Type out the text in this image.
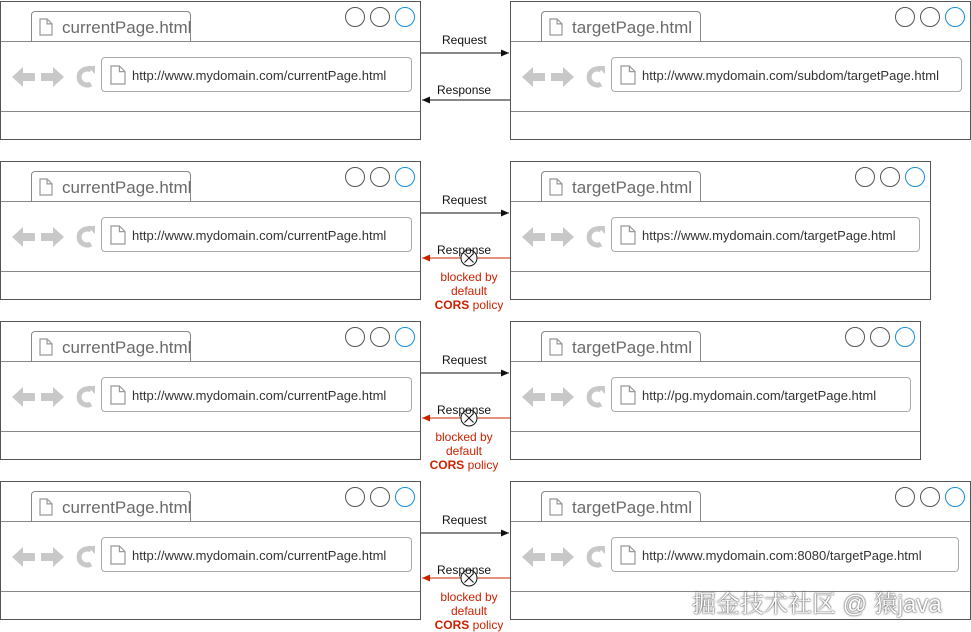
currentPage.html
http://www.mydomain.com/currentPage.html
targetPage.html
http://www.mydomain.com/subdom/targetPage.html
currentPage.html
http://www.mydomain.com/currentPage.html
targetPage.html
https://www.mydomain.com/targetPage.html
currentPage.html
http://www.mydomain.com/currentPage.html
targetPage.html
http://pg.mydomain.com/targetPage.html
currentPage.html
http://www.mydomain.com/currentPage.html
targetPage.html
http://www.mydomain.com:8080/targetPage.html
掘金技术社区 @ 猿java
Request
Response
Request
Response
blocked by
default
CORS policy
Request
Response
blocked by
default
CORS policy
Request
Response
blocked by
default
CORS policy
